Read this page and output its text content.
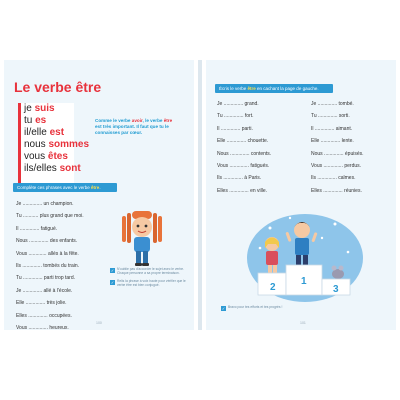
Le verbe être
je suis
tu es
il/elle est
nous sommes
vous êtes
ils/elles sont
Comme le verbe avoir, le verbe être est très important. Il faut que tu le connaisses par cœur.
Complète ces phrases avec le verbe être.
Je .............. un champion.
Tu ........... plus grand que moi.
Il .............. fatigué.
Nous .............. des enfants.
Vous ............. allés à la fête.
Ils .............. tombés du train.
Tu .............. parti trop tard.
Je .............. allé à l'école.
Elle .............. très jolie.
Elles .............. occupées.
Vous .............. heureux.
✓ N'oublie pas d'accorder le sujet avec le verbe. Chaque personne a sa propre terminaison.
✓ Relis la phrase à voix haute pour vérifier que le verbe être est bien conjugué.
100
Écris le verbe être en cachant la page de gauche.
Je .............. grand.
Tu .............. fort.
Il .............. parti.
Elle .............. chouette.
Nous .............. contents.
Vous .............. fatigués.
Ils .............. à Paris.
Elles .............. en ville.
Je .............. tombé.
Tu .............. sorti.
Il .............. aimant.
Elle .............. lente.
Nous .............. épuisés.
Vous .............. perdus.
Ils .............. calmes.
Elles .............. réunies.
2
1
3
✓ Bravo pour tes efforts et tes progrès !
101
